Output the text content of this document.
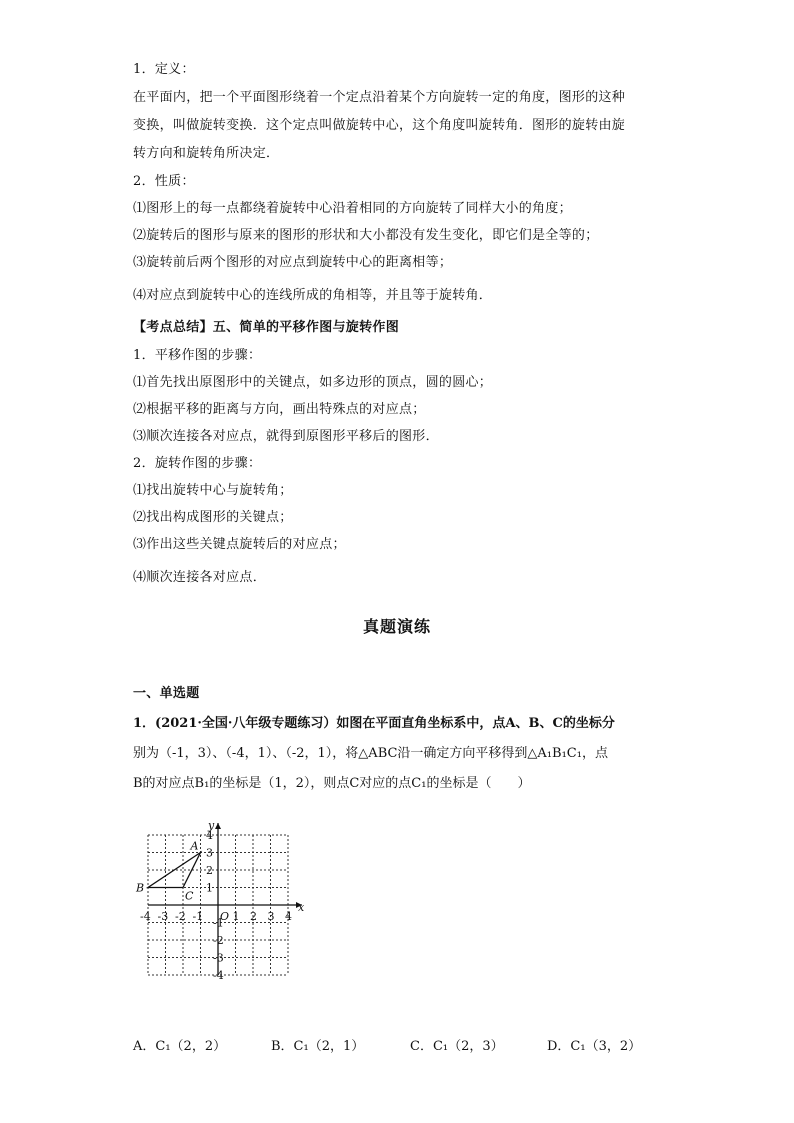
1．定义：
在平面内，把一个平面图形绕着一个定点沿着某个方向旋转一定的角度，图形的这种
变换，叫做旋转变换．这个定点叫做旋转中心，这个角度叫旋转角．图形的旋转由旋
转方向和旋转角所决定．
2．性质：
⑴图形上的每一点都绕着旋转中心沿着相同的方向旋转了同样大小的角度；
⑵旋转后的图形与原来的图形的形状和大小都没有发生变化，即它们是全等的；
⑶旋转前后两个图形的对应点到旋转中心的距离相等；
⑷对应点到旋转中心的连线所成的角相等，并且等于旋转角．
【考点总结】五、简单的平移作图与旋转作图
1．平移作图的步骤：
⑴首先找出原图形中的关键点，如多边形的顶点，圆的圆心；
⑵根据平移的距离与方向，画出特殊点的对应点；
⑶顺次连接各对应点，就得到原图形平移后的图形．
2．旋转作图的步骤：
⑴找出旋转中心与旋转角；
⑵找出构成图形的关键点；
⑶作出这些关键点旋转后的对应点；
⑷顺次连接各对应点．
真题演练
一、单选题
1．(2021·全国·八年级专题练习）如图在平面直角坐标系中，点A、B、C的坐标分
别为（-1，3）、（-4，1）、（-2，1），将△ABC沿一确定方向平移得到△A₁B₁C₁，点
B的对应点B₁的坐标是（1，2），则点C对应的点C₁的坐标是（　　）
x
y
O
-4 -3 -2 -1	1 2 3 4
4
3
2
1
-1
-2
-3
-4
A
B
C
A．C₁（2，2）	B．C₁（2，1）	C．C₁（2，3）	D．C₁（3，2）
